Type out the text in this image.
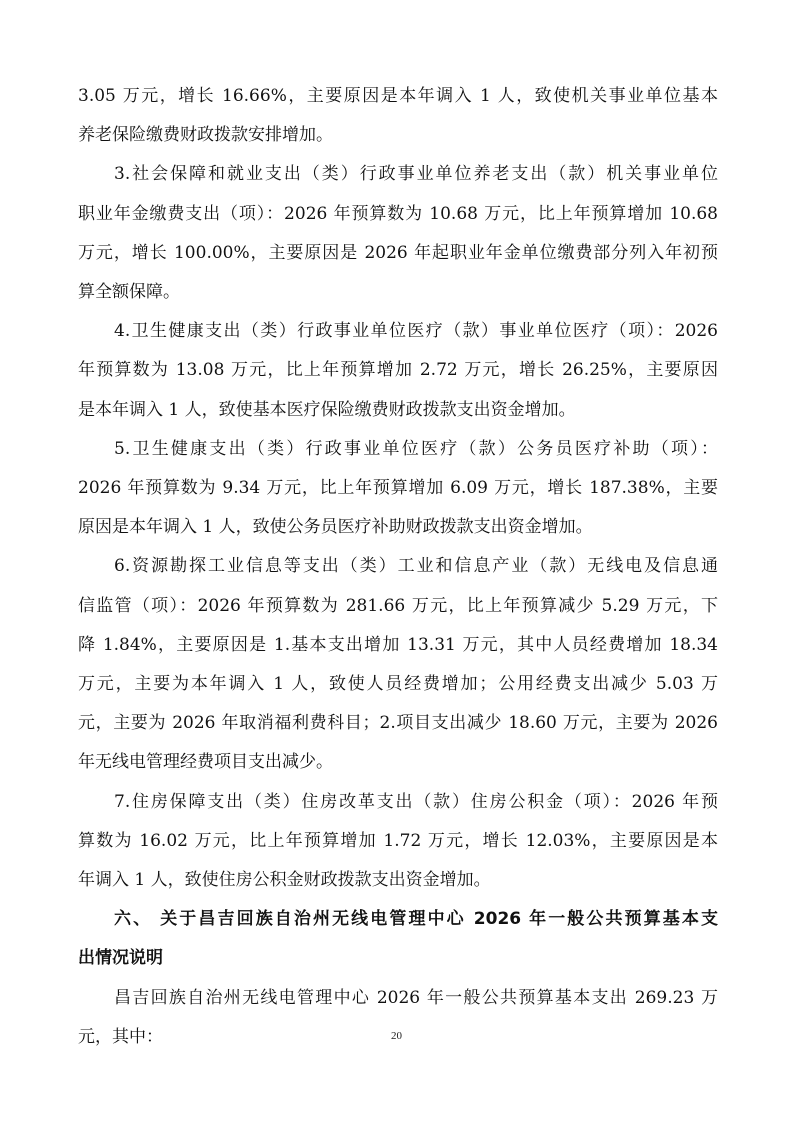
3.05 万元，增长 16.66%，主要原因是本年调入 1 人，致使机关事业单位基本
养老保险缴费财政拨款安排增加。
3.社会保障和就业支出（类）行政事业单位养老支出（款）机关事业单位
职业年金缴费支出（项）：2026 年预算数为 10.68 万元，比上年预算增加 10.68
万元，增长 100.00%，主要原因是 2026 年起职业年金单位缴费部分列入年初预
算全额保障。
4.卫生健康支出（类）行政事业单位医疗（款）事业单位医疗（项）：2026
年预算数为 13.08 万元，比上年预算增加 2.72 万元，增长 26.25%，主要原因
是本年调入 1 人，致使基本医疗保险缴费财政拨款支出资金增加。
5.卫生健康支出（类）行政事业单位医疗（款）公务员医疗补助（项）：
2026 年预算数为 9.34 万元，比上年预算增加 6.09 万元，增长 187.38%，主要
原因是本年调入 1 人，致使公务员医疗补助财政拨款支出资金增加。
6.资源勘探工业信息等支出（类）工业和信息产业（款）无线电及信息通
信监管（项）：2026 年预算数为 281.66 万元，比上年预算减少 5.29 万元，下
降 1.84%，主要原因是 1.基本支出增加 13.31 万元，其中人员经费增加 18.34
万元，主要为本年调入 1 人，致使人员经费增加；公用经费支出减少 5.03 万
元，主要为 2026 年取消福利费科目；2.项目支出减少 18.60 万元，主要为 2026
年无线电管理经费项目支出减少。
7.住房保障支出（类）住房改革支出（款）住房公积金（项）：2026 年预
算数为 16.02 万元，比上年预算增加 1.72 万元，增长 12.03%，主要原因是本
年调入 1 人，致使住房公积金财政拨款支出资金增加。
六、 关于昌吉回族自治州无线电管理中心 2026 年一般公共预算基本支
出情况说明
昌吉回族自治州无线电管理中心 2026 年一般公共预算基本支出 269.23 万
元，其中：	20
